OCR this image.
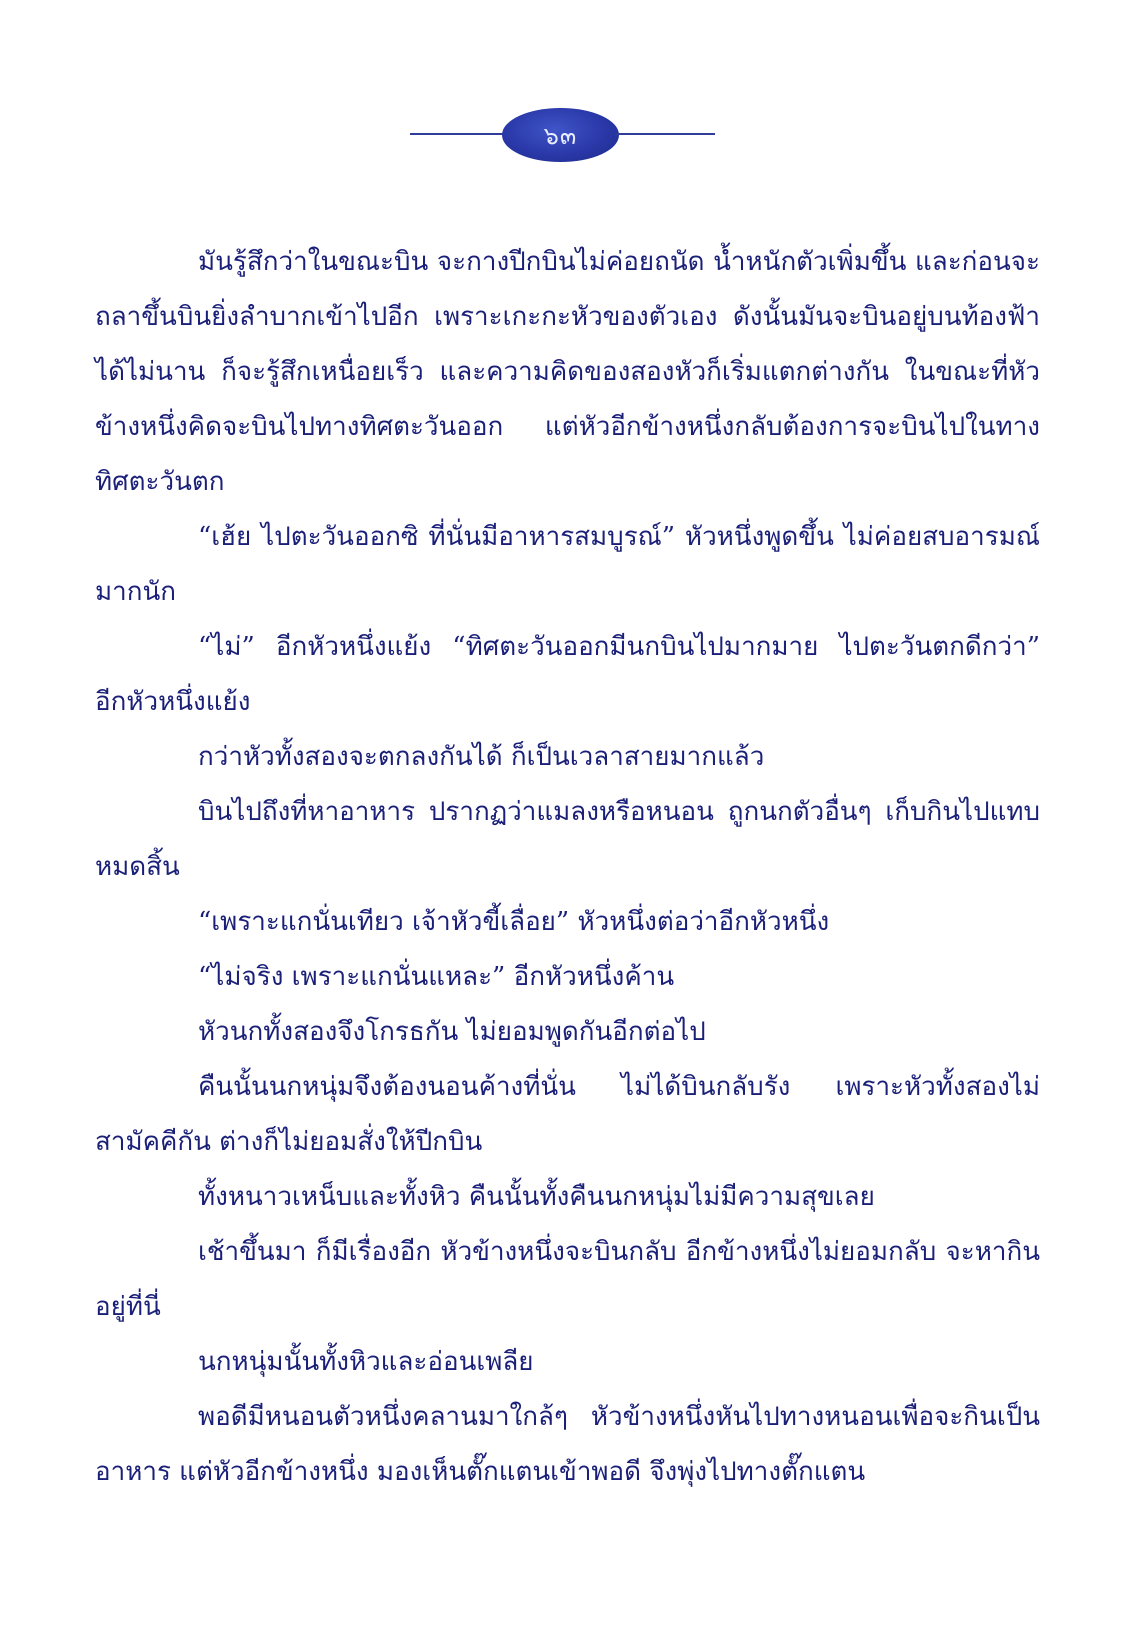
๖๓

มันรู้สึกว่าในขณะบิน จะกางปีกบินไม่ค่อยถนัด น้ำหนักตัวเพิ่มขึ้น และก่อนจะถลาขึ้นบินยิ่งลำบากเข้าไปอีก เพราะเกะกะหัวของตัวเอง ดังนั้นมันจะบินอยู่บนท้องฟ้าได้ไม่นาน ก็จะรู้สึกเหนื่อยเร็ว และความคิดของสองหัวก็เริ่มแตกต่างกัน ในขณะที่หัวข้างหนึ่งคิดจะบินไปทางทิศตะวันออก แต่หัวอีกข้างหนึ่งกลับต้องการจะบินไปในทางทิศตะวันตก

“เฮ้ย ไปตะวันออกซิ ที่นั่นมีอาหารสมบูรณ์” หัวหนึ่งพูดขึ้น ไม่ค่อยสบอารมณ์มากนัก

“ไม่” อีกหัวหนึ่งแย้ง “ทิศตะวันออกมีนกบินไปมากมาย ไปตะวันตกดีกว่า” อีกหัวหนึ่งแย้ง

กว่าหัวทั้งสองจะตกลงกันได้ ก็เป็นเวลาสายมากแล้ว

บินไปถึงที่หาอาหาร ปรากฏว่าแมลงหรือหนอน ถูกนกตัวอื่นๆ เก็บกินไปแทบหมดสิ้น

“เพราะแกนั่นเทียว เจ้าหัวขี้เลื่อย” หัวหนึ่งต่อว่าอีกหัวหนึ่ง

“ไม่จริง เพราะแกนั่นแหละ” อีกหัวหนึ่งค้าน

หัวนกทั้งสองจึงโกรธกัน ไม่ยอมพูดกันอีกต่อไป

คืนนั้นนกหนุ่มจึงต้องนอนค้างที่นั่น ไม่ได้บินกลับรัง เพราะหัวทั้งสองไม่สามัคคีกัน ต่างก็ไม่ยอมสั่งให้ปีกบิน

ทั้งหนาวเหน็บและทั้งหิว คืนนั้นทั้งคืนนกหนุ่มไม่มีความสุขเลย

เช้าขึ้นมา ก็มีเรื่องอีก หัวข้างหนึ่งจะบินกลับ อีกข้างหนึ่งไม่ยอมกลับ จะหากินอยู่ที่นี่

นกหนุ่มนั้นทั้งหิวและอ่อนเพลีย

พอดีมีหนอนตัวหนึ่งคลานมาใกล้ๆ หัวข้างหนึ่งหันไปทางหนอนเพื่อจะกินเป็นอาหาร แต่หัวอีกข้างหนึ่ง มองเห็นตั๊กแตนเข้าพอดี จึงพุ่งไปทางตั๊กแตน
